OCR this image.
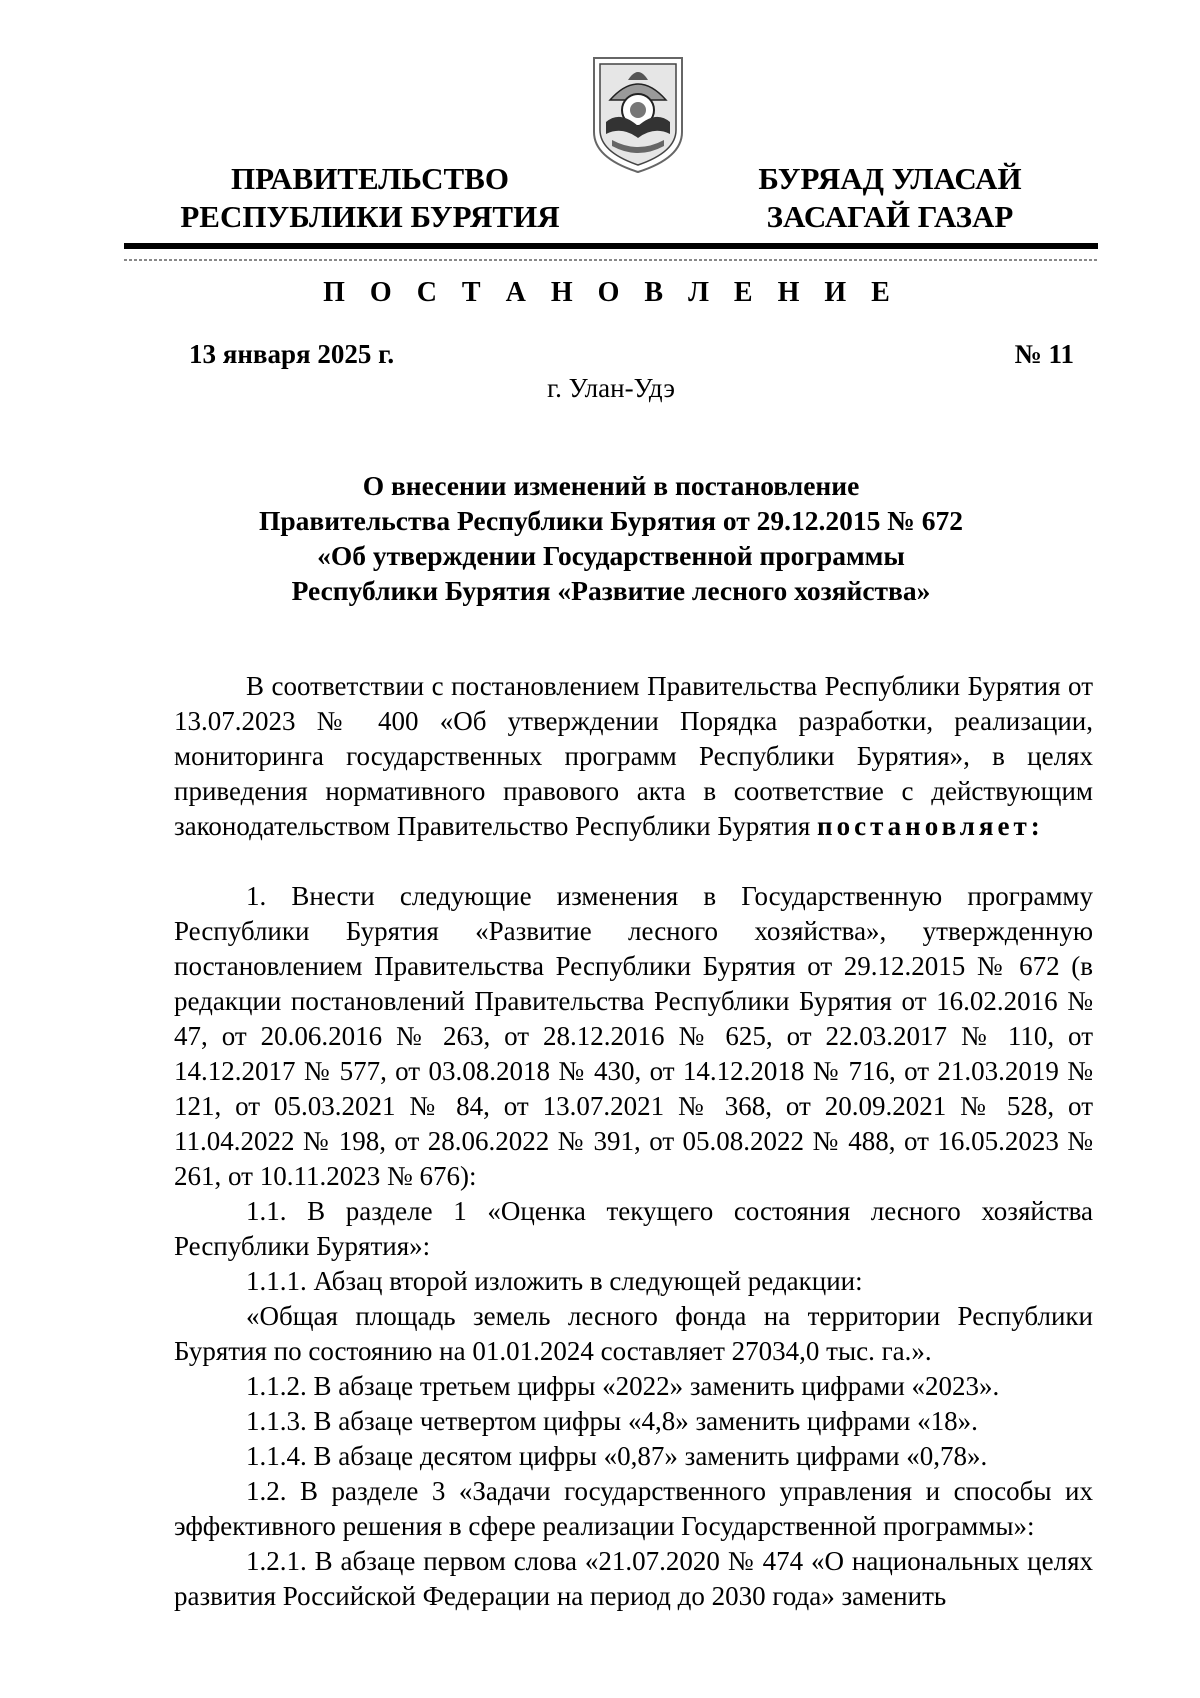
ПРАВИТЕЛЬСТВО
РЕСПУБЛИКИ БУРЯТИЯ
БУРЯАД УЛАСАЙ
ЗАСАГАЙ ГАЗАР
П О С Т А Н О В Л Е Н И Е
13 января 2025 г.	№ 11
г. Улан-Удэ
О внесении изменений в постановление
Правительства Республики Бурятия от 29.12.2015 № 672
«Об утверждении Государственной программы
Республики Бурятия «Развитие лесного хозяйства»

В соответствии с постановлением Правительства Республики Бурятия от 13.07.2023 № 400 «Об утверждении Порядка разработки, реализации, мониторинга государственных программ Республики Бурятия», в целях приведения нормативного правового акта в соответствие с действующим законодательством Правительство Республики Бурятия постановляет:

1. Внести следующие изменения в Государственную программу Республики Бурятия «Развитие лесного хозяйства», утвержденную постановлением Правительства Республики Бурятия от 29.12.2015 № 672 (в редакции постановлений Правительства Республики Бурятия от 16.02.2016 № 47, от 20.06.2016 № 263, от 28.12.2016 № 625, от 22.03.2017 № 110, от 14.12.2017 № 577, от 03.08.2018 № 430, от 14.12.2018 № 716, от 21.03.2019 № 121, от 05.03.2021 № 84, от 13.07.2021 № 368, от 20.09.2021 № 528, от 11.04.2022 № 198, от 28.06.2022 № 391, от 05.08.2022 № 488, от 16.05.2023 № 261, от 10.11.2023 № 676):

1.1. В разделе 1 «Оценка текущего состояния лесного хозяйства Республики Бурятия»:

1.1.1. Абзац второй изложить в следующей редакции:

«Общая площадь земель лесного фонда на территории Республики Бурятия по состоянию на 01.01.2024 составляет 27034,0 тыс. га.».

1.1.2. В абзаце третьем цифры «2022» заменить цифрами «2023».

1.1.3. В абзаце четвертом цифры «4,8» заменить цифрами «18».

1.1.4. В абзаце десятом цифры «0,87» заменить цифрами «0,78».

1.2. В разделе 3 «Задачи государственного управления и способы их эффективного решения в сфере реализации Государственной программы»:

1.2.1. В абзаце первом слова «21.07.2020 № 474 «О национальных целях развития Российской Федерации на период до 2030 года» заменить
